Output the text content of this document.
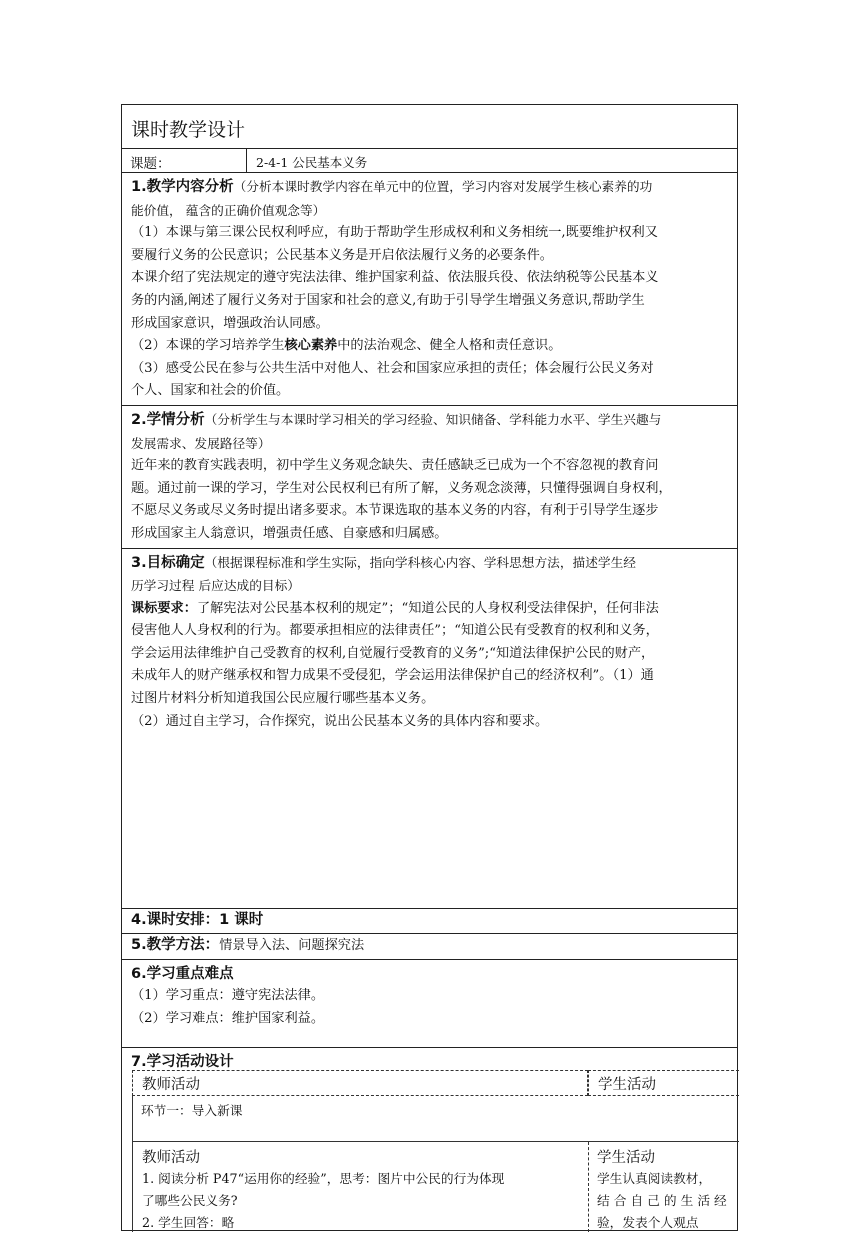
课时教学设计
课题：	2-4-1 公民基本义务

1.教学内容分析（分析本课时教学内容在单元中的位置，学习内容对发展学生核心素养的功

能价值， 蕴含的正确价值观念等）

（1）本课与第三课公民权利呼应，有助于帮助学生形成权利和义务相统一,既要维护权利又

要履行义务的公民意识；公民基本义务是开启依法履行义务的必要条件。

本课介绍了宪法规定的遵守宪法法律、维护国家利益、依法服兵役、依法纳税等公民基本义

务的内涵,阐述了履行义务对于国家和社会的意义,有助于引导学生增强义务意识,帮助学生

形成国家意识，增强政治认同感。

（2）本课的学习培养学生核心素养中的法治观念、健全人格和责任意识。

（3）感受公民在参与公共生活中对他人、社会和国家应承担的责任；体会履行公民义务对

个人、国家和社会的价值。

2.学情分析（分析学生与本课时学习相关的学习经验、知识储备、学科能力水平、学生兴趣与

发展需求、发展路径等）

近年来的教育实践表明，初中学生义务观念缺失、责任感缺乏已成为一个不容忽视的教育问

题。通过前一课的学习，学生对公民权利已有所了解，义务观念淡薄，只懂得强调自身权利，

不愿尽义务或尽义务时提出诸多要求。本节课选取的基本义务的内容，有利于引导学生逐步

形成国家主人翁意识，增强责任感、自豪感和归属感。

3.目标确定（根据课程标准和学生实际，指向学科核心内容、学科思想方法，描述学生经

历学习过程 后应达成的目标）

课标要求：了解宪法对公民基本权利的规定”；“知道公民的人身权利受法律保护，任何非法

侵害他人人身权利的行为。都要承担相应的法律责任”；“知道公民有受教育的权利和义务，

学会运用法律维护自己受教育的权利,自觉履行受教育的义务”;“知道法律保护公民的财产，

未成年人的财产继承权和智力成果不受侵犯，学会运用法律保护自己的经济权利”。（1）通

过图片材料分析知道我国公民应履行哪些基本义务。

（2）通过自主学习，合作探究，说出公民基本义务的具体内容和要求。

4.课时安排：1 课时

5.教学方法：情景导入法、问题探究法

6.学习重点难点

（1）学习重点：遵守宪法法律。

（2）学习难点：维护国家利益。

7.学习活动设计
教师活动	学生活动
环节一：导入新课
教师活动
1. 阅读分析 P47“运用你的经验”，思考：图片中公民的行为体现
了哪些公民义务?
2. 学生回答：略
学生活动
学生认真阅读教材，
结 合 自 己 的 生 活 经
验，发表个人观点
